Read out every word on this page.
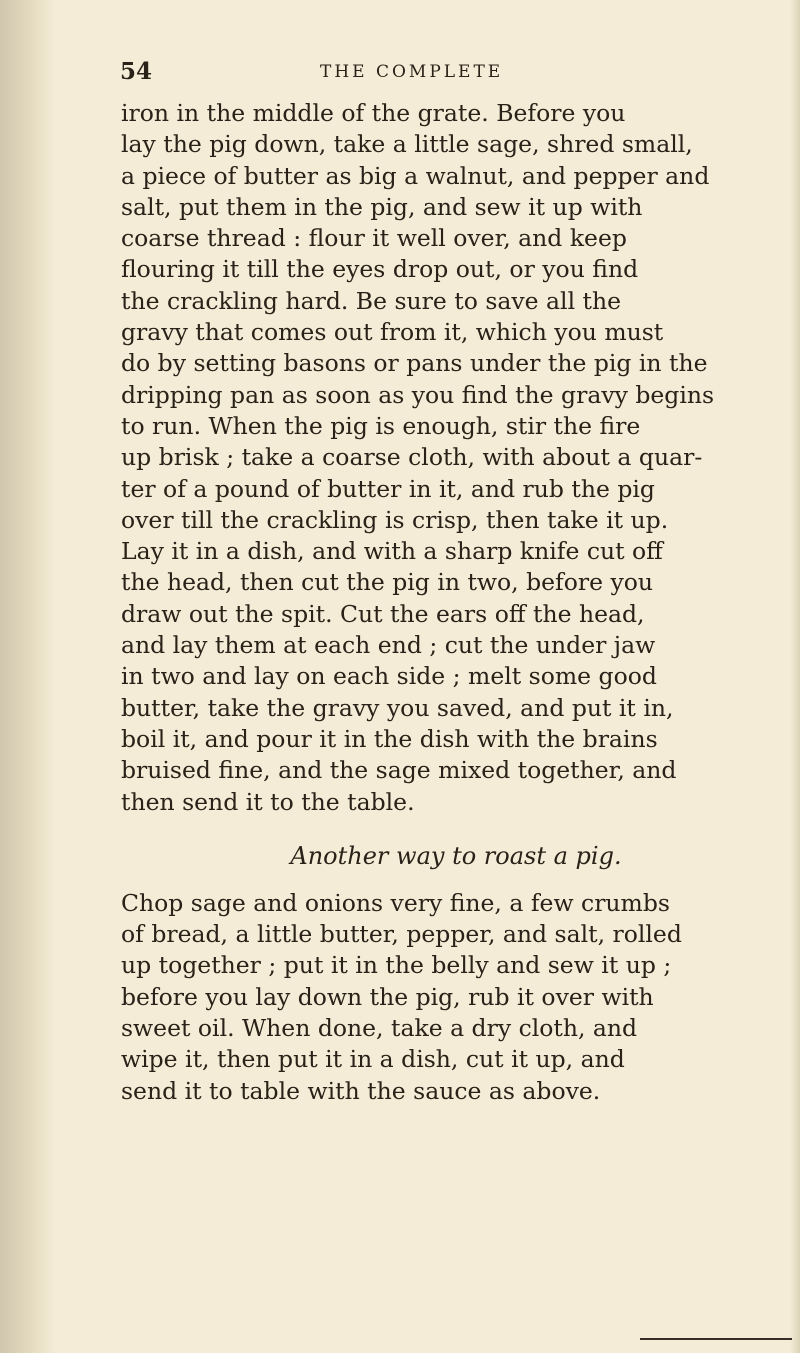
54	THE COMPLETE
iron in the middle of the grate. Before you
lay the pig down, take a little sage, shred small,
a piece of butter as big a walnut, and pepper and
salt, put them in the pig, and sew it up with
coarse thread : flour it well over, and keep
flouring it till the eyes drop out, or you find
the crackling hard. Be sure to save all the
gravy that comes out from it, which you must
do by setting basons or pans under the pig in the
dripping pan as soon as you find the gravy begins
to run. When the pig is enough, stir the fire
up brisk ; take a coarse cloth, with about a quar-
ter of a pound of butter in it, and rub the pig
over till the crackling is crisp, then take it up.
Lay it in a dish, and with a sharp knife cut off
the head, then cut the pig in two, before you
draw out the spit. Cut the ears off the head,
and lay them at each end ; cut the under jaw
in two and lay on each side ; melt some good
butter, take the gravy you saved, and put it in,
boil it, and pour it in the dish with the brains
bruised fine, and the sage mixed together, and
then send it to the table.
Another way to roast a pig.
Chop sage and onions very fine, a few crumbs
of bread, a little butter, pepper, and salt, rolled
up together ; put it in the belly and sew it up ;
before you lay down the pig, rub it over with
sweet oil. When done, take a dry cloth, and
wipe it, then put it in a dish, cut it up, and
send it to table with the sauce as above.
